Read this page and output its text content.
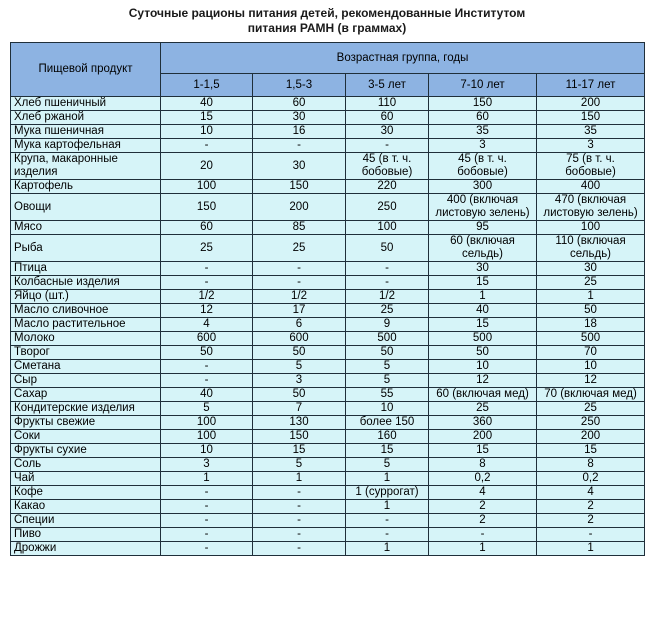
Суточные рационы питания детей, рекомендованные Институтом
питания РАМН (в граммах)
Пищевой продукт	Возрастная группа, годы				
	1-1,5	1,5-3	3-5 лет	7-10 лет	11-17 лет
Хлеб пшеничный	40	60	110	150	200
Хлеб ржаной	15	30	60	60	150
Мука пшеничная	10	16	30	35	35
Мука картофельная	-	-	-	3	3
Крупа, макаронные изделия	20	30	45 (в т. ч. бобовые)	45 (в т. ч. бобовые)	75 (в т. ч. бобовые)
Картофель	100	150	220	300	400
Овощи	150	200	250	400 (включая листовую зелень)	470 (включая листовую зелень)
Мясо	60	85	100	95	100
Рыба	25	25	50	60 (включая сельдь)	110 (включая сельдь)
Птица	-	-	-	30	30
Колбасные изделия	-	-	-	15	25
Яйцо (шт.)	1/2	1/2	1/2	1	1
Масло сливочное	12	17	25	40	50
Масло растительное	4	6	9	15	18
Молоко	600	600	500	500	500
Творог	50	50	50	50	70
Сметана	-	5	5	10	10
Сыр	-	3	5	12	12
Сахар	40	50	55	60 (включая мед)	70 (включая мед)
Кондитерские изделия	5	7	10	25	25
Фрукты свежие	100	130	более 150	360	250
Соки	100	150	160	200	200
Фрукты сухие	10	15	15	15	15
Соль	3	5	5	8	8
Чай	1	1	1	0,2	0,2
Кофе	-	-	1 (суррогат)	4	4
Какао	-	-	1	2	2
Специи	-	-	-	2	2
Пиво	-	-	-	-	-
Дрожжи	-	-	1	1	1
